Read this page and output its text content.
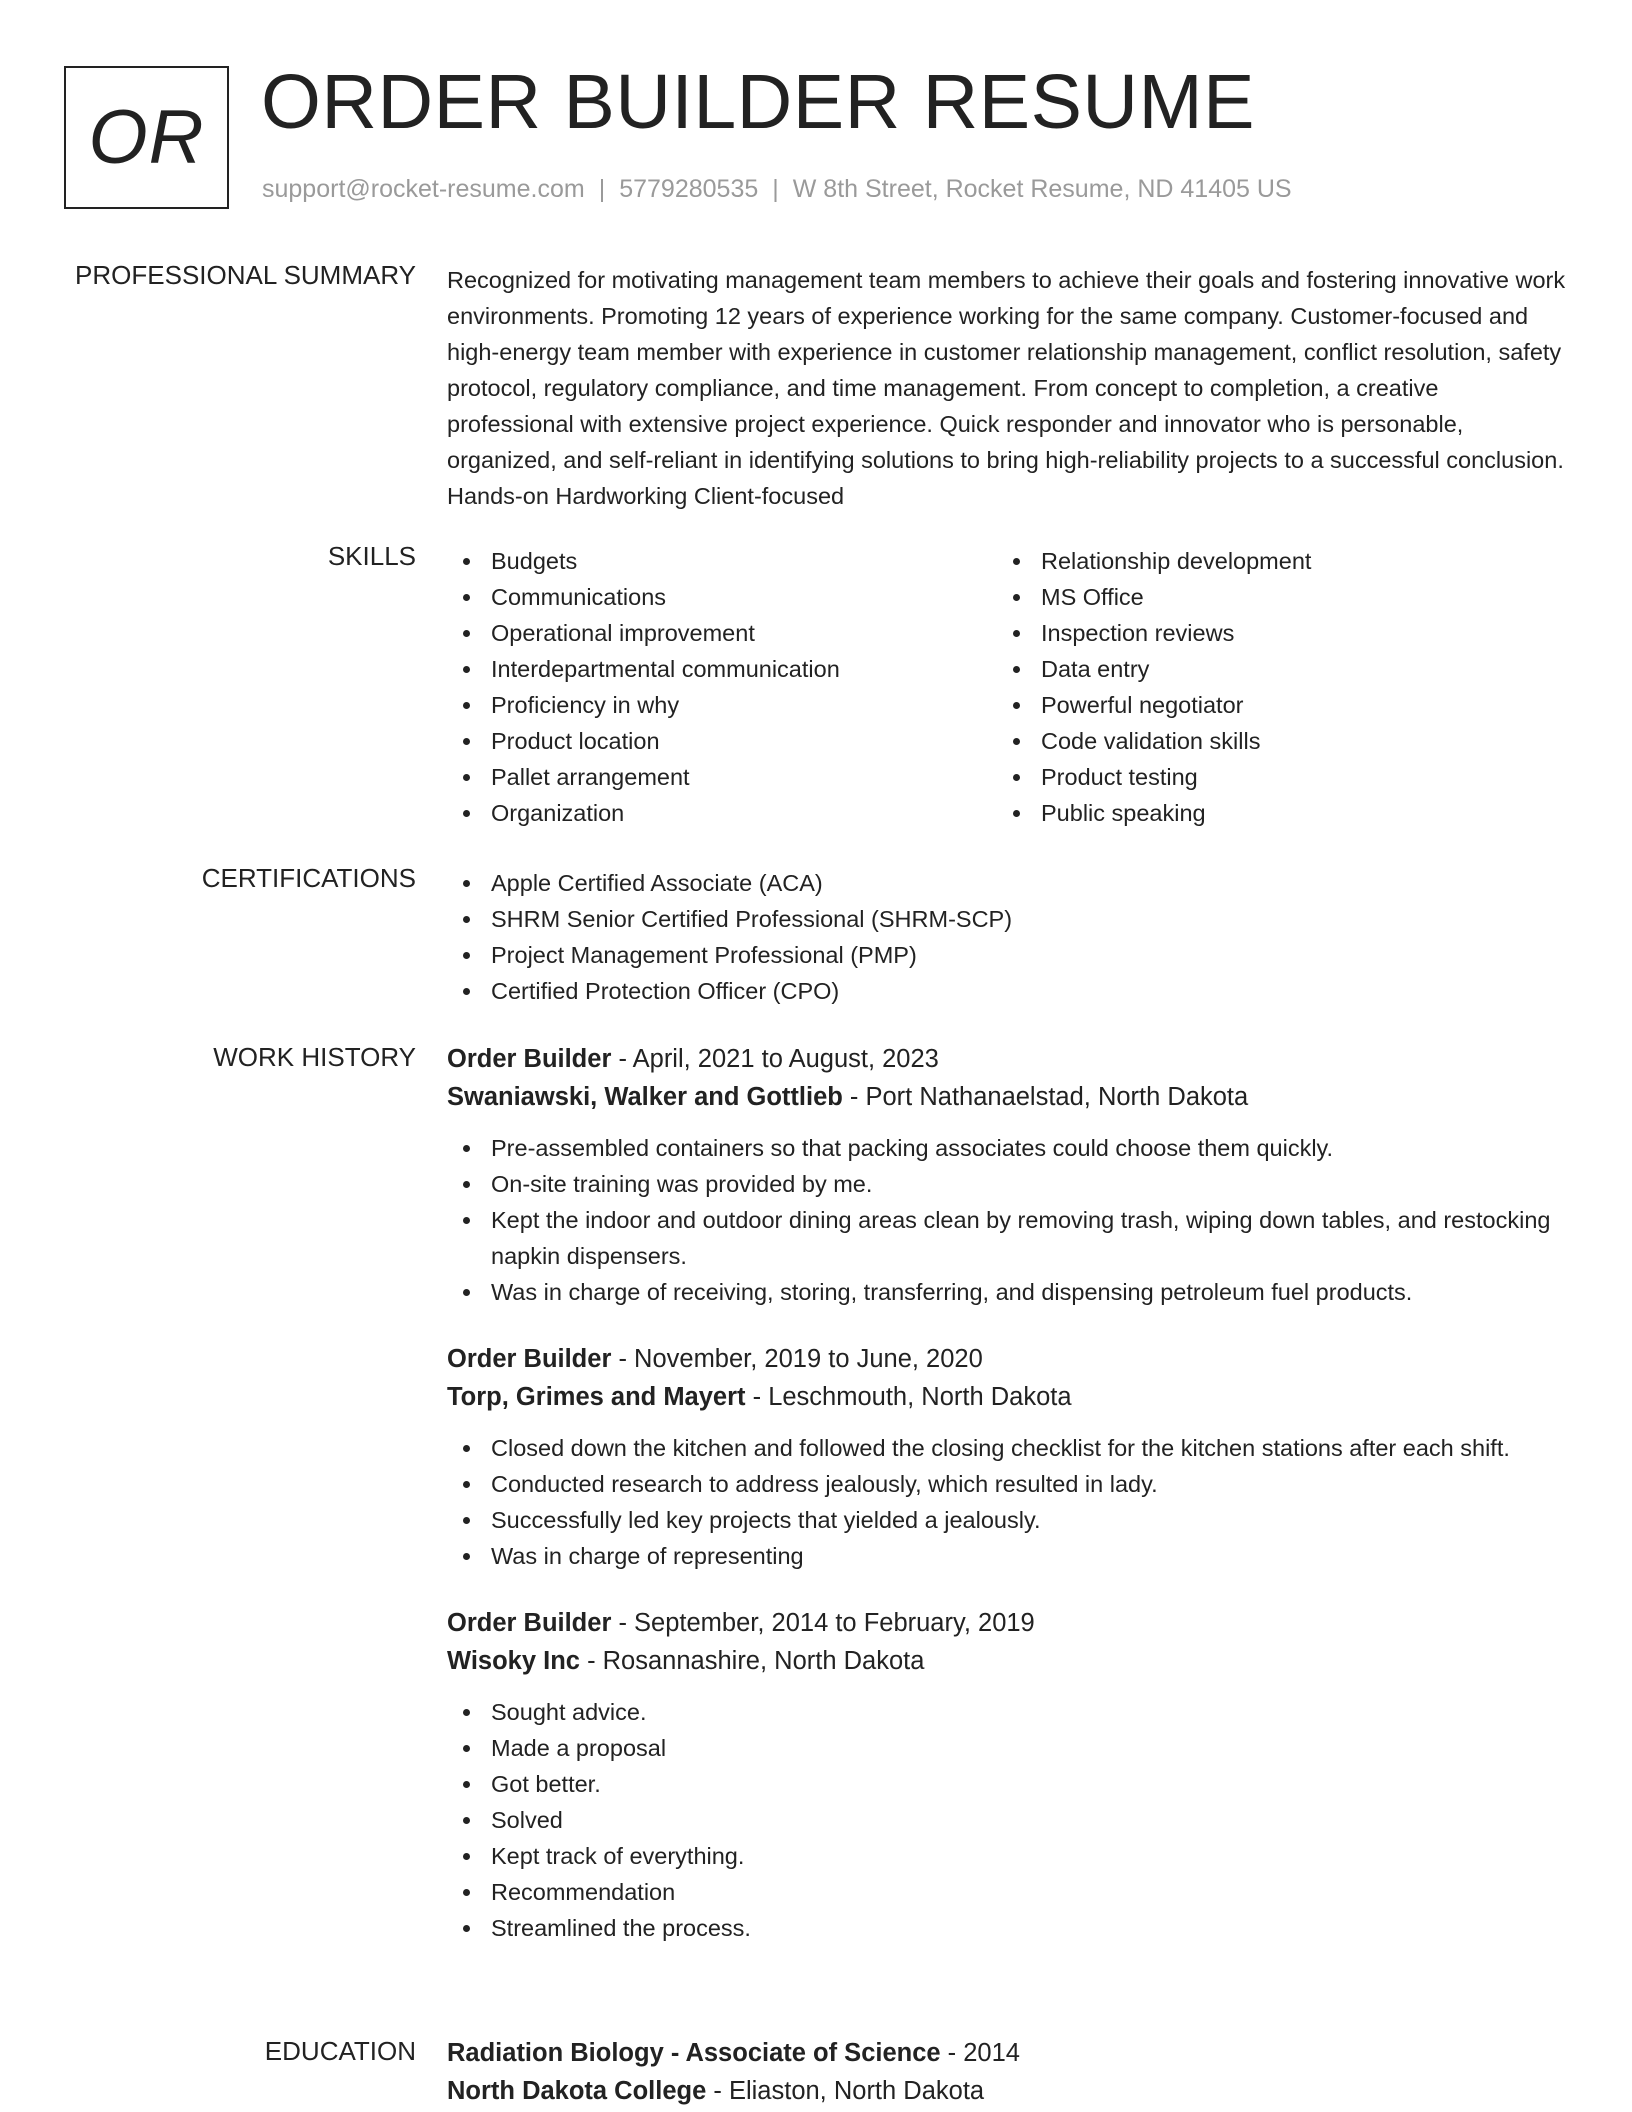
OR ORDER BUILDER RESUME
support@rocket-resume.com | 5779280535 | W 8th Street, Rocket Resume, ND 41405 US
PROFESSIONAL SUMMARY Recognized for motivating management team members to achieve their goals and fostering innovative work environments. Promoting 12 years of experience working for the same company. Customer-focused and high-energy team member with experience in customer relationship management, conflict resolution, safety protocol, regulatory compliance, and time management. From concept to completion, a creative professional with extensive project experience. Quick responder and innovator who is personable, organized, and self-reliant in identifying solutions to bring high-reliability projects to a successful conclusion. Hands-on Hardworking Client-focused
SKILLS	Budgets
Communications
Operational improvement
Interdepartmental communication
Proficiency in why
Product location
Pallet arrangement
Organization
Relationship development
MS Office
Inspection reviews
Data entry
Powerful negotiator
Code validation skills
Product testing
Public speaking
CERTIFICATIONS	Apple Certified Associate (ACA)
SHRM Senior Certified Professional (SHRM-SCP)
Project Management Professional (PMP)
Certified Protection Officer (CPO)
WORK HISTORY Order Builder - April, 2021 to August, 2023
Swaniawski, Walker and Gottlieb - Port Nathanaelstad, North Dakota
Pre-assembled containers so that packing associates could choose them quickly.
On-site training was provided by me.
Kept the indoor and outdoor dining areas clean by removing trash, wiping down tables, and restocking napkin dispensers.
Was in charge of receiving, storing, transferring, and dispensing petroleum fuel products.
Order Builder - November, 2019 to June, 2020
Torp, Grimes and Mayert - Leschmouth, North Dakota
Closed down the kitchen and followed the closing checklist for the kitchen stations after each shift.
Conducted research to address jealously, which resulted in lady.
Successfully led key projects that yielded a jealously.
Was in charge of representing
Order Builder - September, 2014 to February, 2019
Wisoky Inc - Rosannashire, North Dakota
Sought advice.
Made a proposal
Got better.
Solved
Kept track of everything.
Recommendation
Streamlined the process.
EDUCATION Radiation Biology - Associate of Science - 2014
North Dakota College - Eliaston, North Dakota
